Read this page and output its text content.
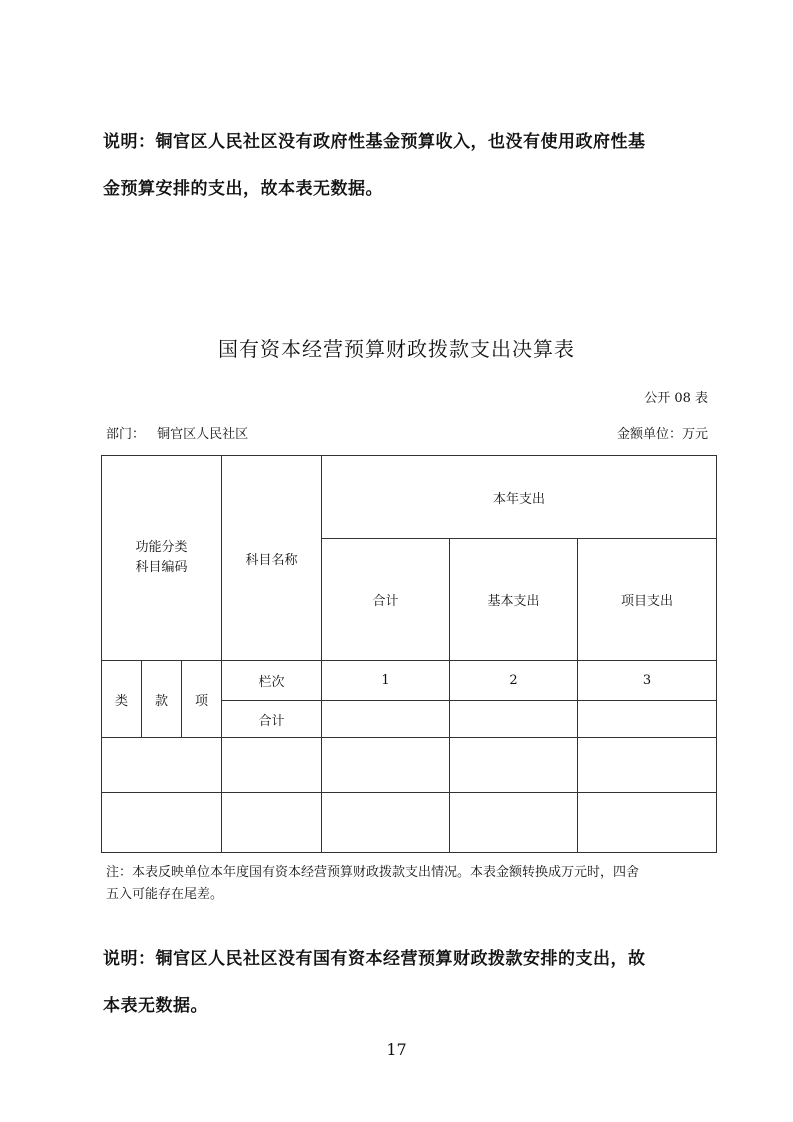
说明：铜官区人民社区没有政府性基金预算收入，也没有使用政府性基
金预算安排的支出，故本表无数据。
国有资本经营预算财政拨款支出决算表
公开 08 表
部门： 铜官区人民社区	金额单位：万元
功能分类
科目编码			科目名称	本年支出		
				合计	基本支出	项目支出
类	款	项	栏次	1	2	3
			合计			

注：本表反映单位本年度国有资本经营预算财政拨款支出情况。本表金额转换成万元时，四舍
五入可能存在尾差。
说明：铜官区人民社区没有国有资本经营预算财政拨款安排的支出，故
本表无数据。
17
